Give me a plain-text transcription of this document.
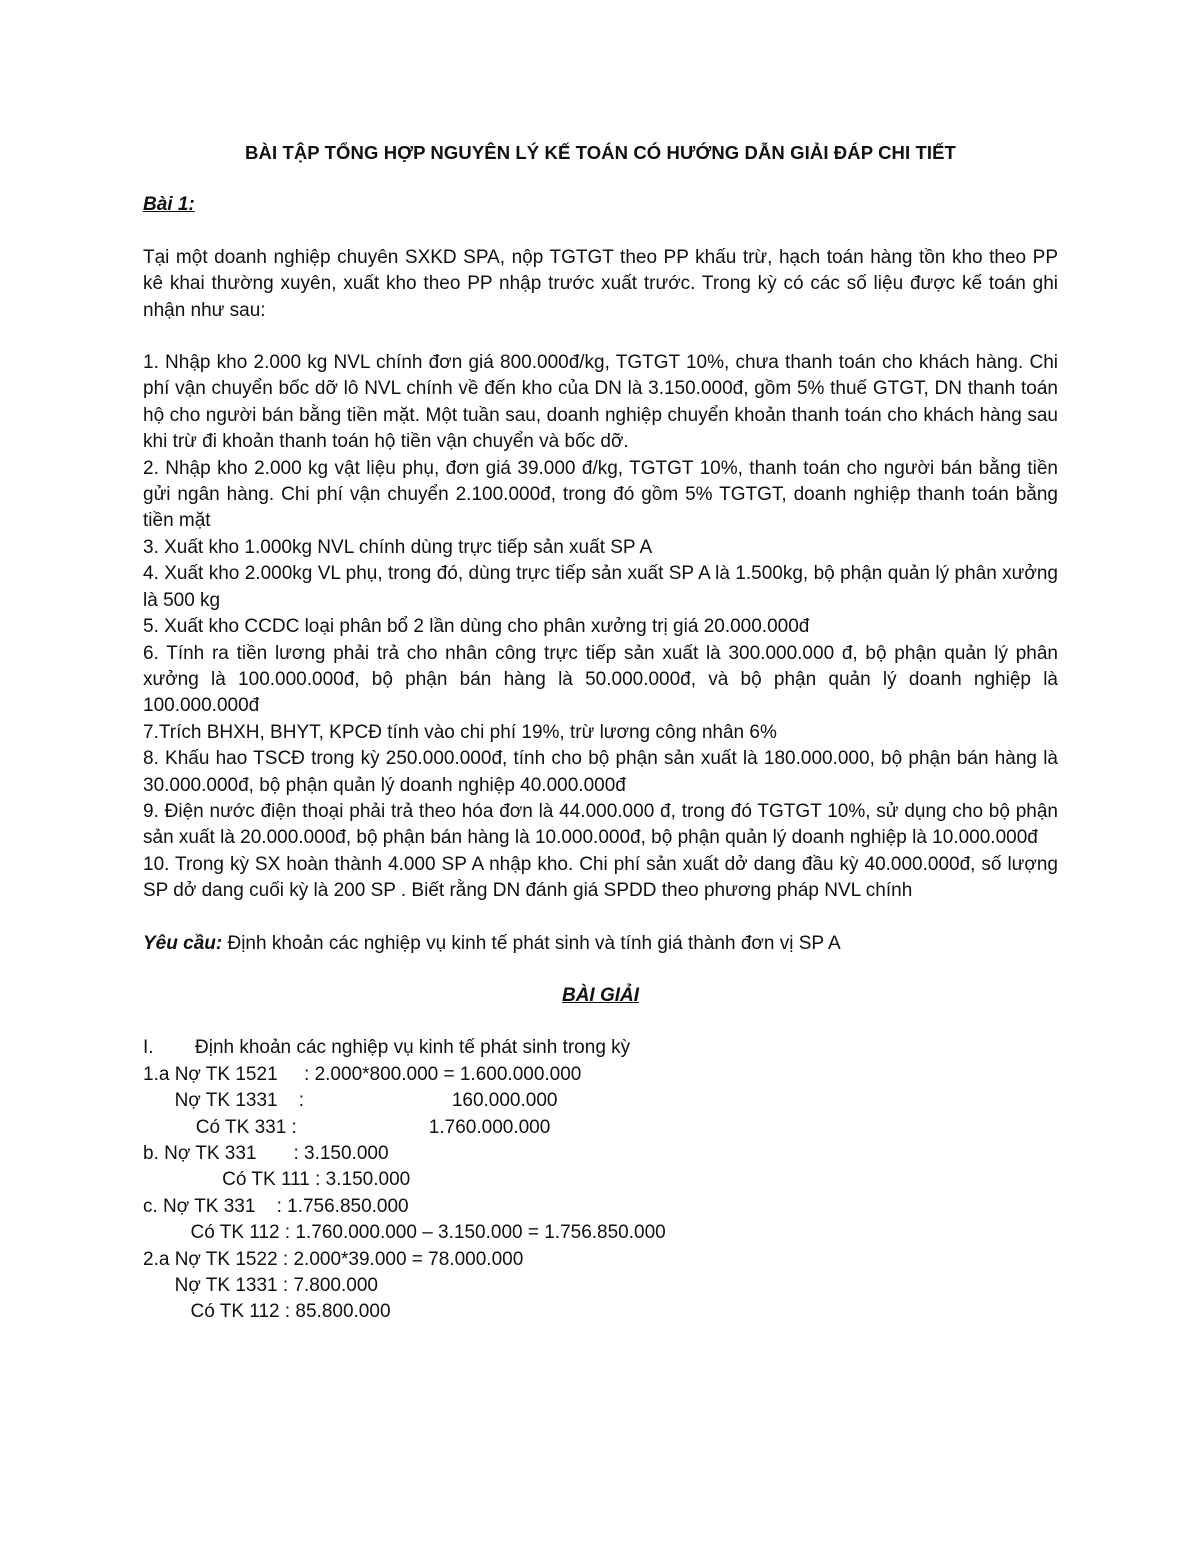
BÀI TẬP TỔNG HỢP NGUYÊN LÝ KẾ TOÁN CÓ HƯỚNG DẪN GIẢI ĐÁP CHI TIẾT

Bài 1:
Tại một doanh nghiệp chuyên SXKD SPA, nộp TGTGT theo PP khấu trừ, hạch toán hàng tồn kho theo PP kê khai thường xuyên, xuất kho theo PP nhập trước xuất trước. Trong kỳ có các số liệu được kế toán ghi nhận như sau:

1. Nhập kho 2.000 kg NVL chính đơn giá 800.000đ/kg, TGTGT 10%, chưa thanh toán cho khách hàng. Chi phí vận chuyển bốc dỡ lô NVL chính về đến kho của DN là 3.150.000đ, gồm 5% thuế GTGT, DN thanh toán hộ cho người bán bằng tiền mặt. Một tuần sau, doanh nghiệp chuyển khoản thanh toán cho khách hàng sau khi trừ đi khoản thanh toán hộ tiền vận chuyển và bốc dỡ.

2. Nhập kho 2.000 kg vật liệu phụ, đơn giá 39.000 đ/kg, TGTGT 10%, thanh toán cho người bán bằng tiền gửi ngân hàng. Chi phí vận chuyển 2.100.000đ, trong đó gồm 5% TGTGT, doanh nghiệp thanh toán bằng tiền mặt

3. Xuất kho 1.000kg NVL chính dùng trực tiếp sản xuất SP A

4. Xuất kho 2.000kg VL phụ, trong đó, dùng trực tiếp sản xuất SP A là 1.500kg, bộ phận quản lý phân xưởng là 500 kg

5. Xuất kho CCDC loại phân bổ 2 lần dùng cho phân xưởng trị giá 20.000.000đ

6. Tính ra tiền lương phải trả cho nhân công trực tiếp sản xuất là 300.000.000 đ, bộ phận quản lý phân xưởng là 100.000.000đ, bộ phận bán hàng là 50.000.000đ, và bộ phận quản lý doanh nghiệp là 100.000.000đ

7.Trích BHXH, BHYT, KPCĐ tính vào chi phí 19%, trừ lương công nhân 6%

8. Khấu hao TSCĐ trong kỳ 250.000.000đ, tính cho bộ phận sản xuất là 180.000.000, bộ phận bán hàng là 30.000.000đ, bộ phận quản lý doanh nghiệp 40.000.000đ

9. Điện nước điện thoại phải trả theo hóa đơn là 44.000.000 đ, trong đó TGTGT 10%, sử dụng cho bộ phận sản xuất là 20.000.000đ, bộ phận bán hàng là 10.000.000đ, bộ phận quản lý doanh nghiệp là 10.000.000đ

10. Trong kỳ SX hoàn thành 4.000 SP A nhập kho. Chi phí sản xuất dở dang đầu kỳ 40.000.000đ, số lượng SP dở dang cuối kỳ là 200 SP . Biết rằng DN đánh giá SPDD theo phương pháp NVL chính

Yêu cầu: Định khoản các nghiệp vụ kinh tế phát sinh và tính giá thành đơn vị SP A
BÀI GIẢI
I.	Định khoản các nghiệp vụ kinh tế phát sinh trong kỳ
1.a Nợ TK 1521 : 2.000*800.000 = 1.600.000.000
Nợ TK 1331    : 160.000.000
Có TK 331 : 1.760.000.000
b. Nợ TK 331 : 3.150.000
Có TK 111 : 3.150.000
c. Nợ TK 331 : 1.756.850.000
Có TK 112 : 1.760.000.000 – 3.150.000 = 1.756.850.000
2.a Nợ TK 1522 : 2.000*39.000 = 78.000.000
Nợ TK 1331 : 7.800.000
Có TK 112 : 85.800.000
